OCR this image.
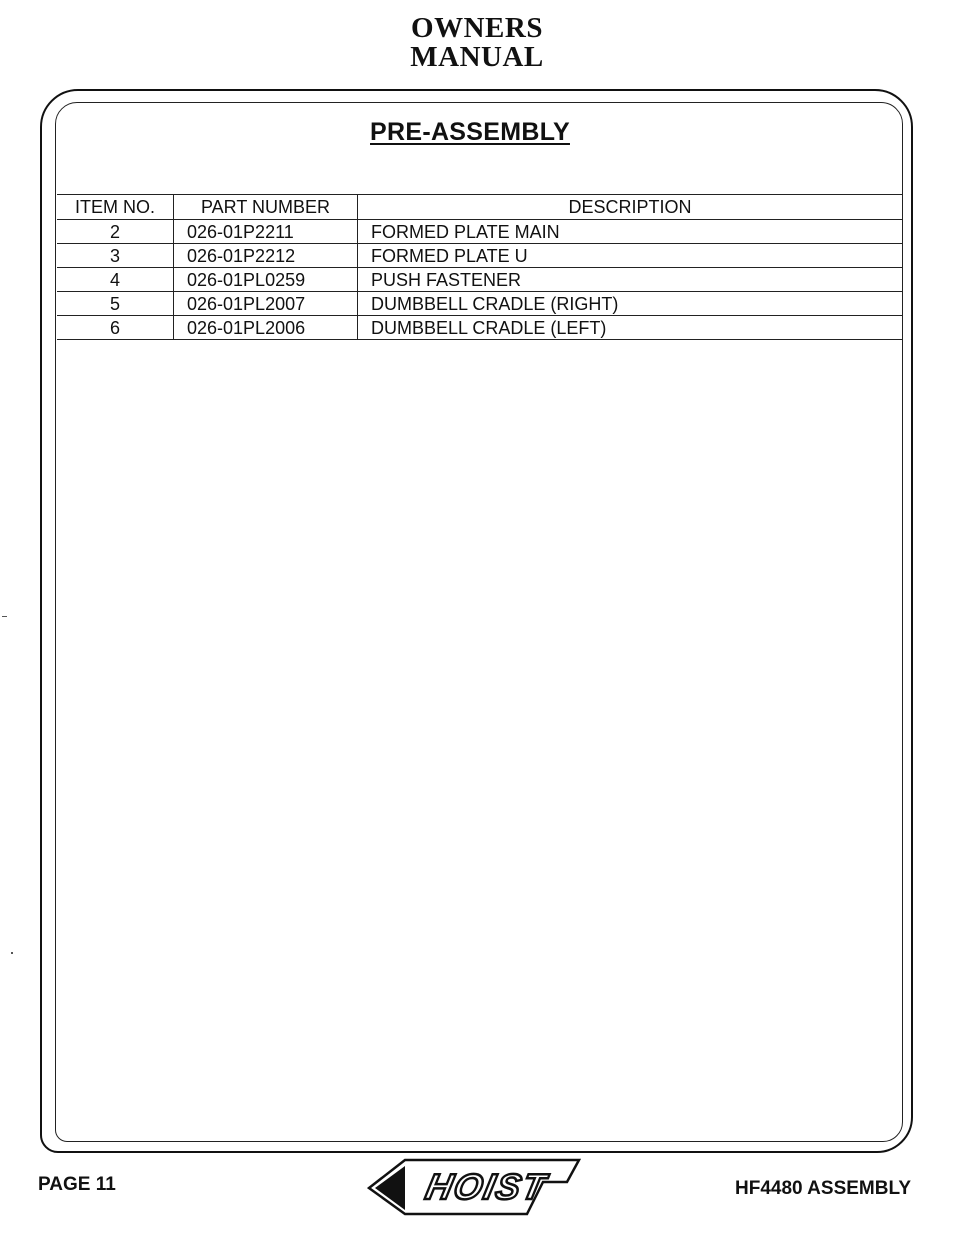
OWNERS
MANUAL
PRE-ASSEMBLY
ITEM NO.	PART NUMBER	DESCRIPTION
2	026-01P2211	FORMED PLATE MAIN
3	026-01P2212	FORMED PLATE U
4	026-01PL0259	PUSH FASTENER
5	026-01PL2007	DUMBBELL CRADLE (RIGHT)
6	026-01PL2006	DUMBBELL CRADLE (LEFT)
PAGE 11	HOIST	HF4480 ASSEMBLY
